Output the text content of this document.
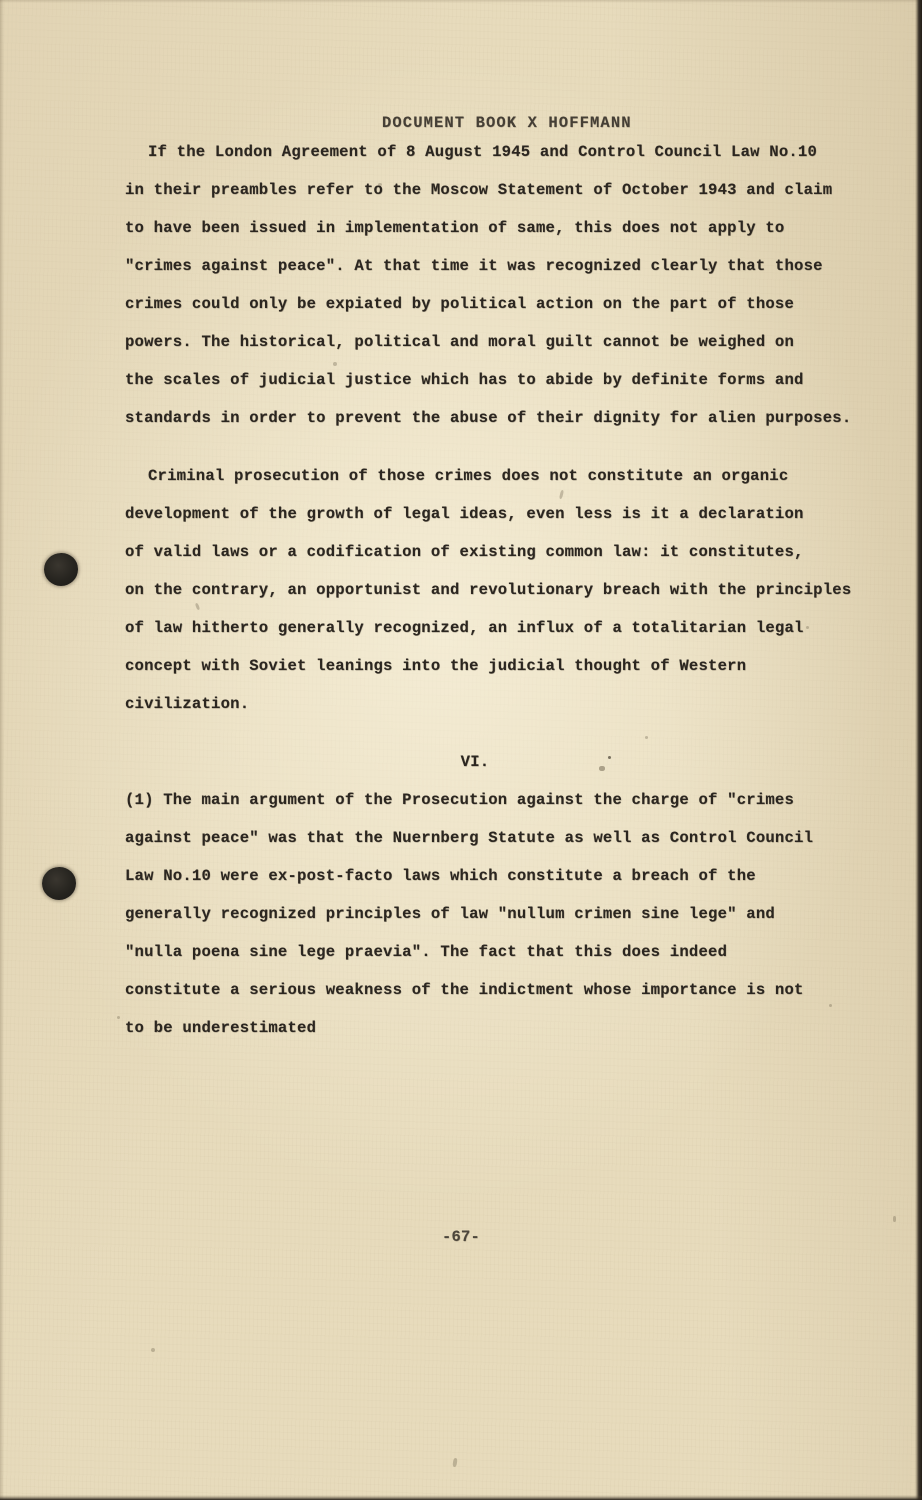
DOCUMENT BOOK X HOFFMANN

If the London Agreement of 8 August 1945 and Control Council Law No.10
in their preambles refer to the Moscow Statement of October 1943 and claim
to have been issued in implementation of same, this does not apply to
"crimes against peace". At that time it was recognized clearly that those
crimes could only be expiated by political action on the part of those
powers. The historical, political and moral guilt cannot be weighed on
the scales of judicial justice which has to abide by definite forms and
standards in order to prevent the abuse of their dignity for alien purposes.
Criminal prosecution of those crimes does not constitute an organic
development of the growth of legal ideas, even less is it a declaration
of valid laws or a codification of existing common law: it constitutes,
on the contrary, an opportunist and revolutionary breach with the principles
of law hitherto generally recognized, an influx of a totalitarian legal
concept with Soviet leanings into the judicial thought of Western
civilization.
VI.
(1) The main argument of the Prosecution against the charge of "crimes
against peace" was that the Nuernberg Statute as well as Control Council
Law No.10 were ex-post-facto laws which constitute a breach of the
generally recognized principles of law "nullum crimen sine lege" and
"nulla poena sine lege praevia". The fact that this does indeed
constitute a serious weakness of the indictment whose importance is not
to be underestimated
-67-
